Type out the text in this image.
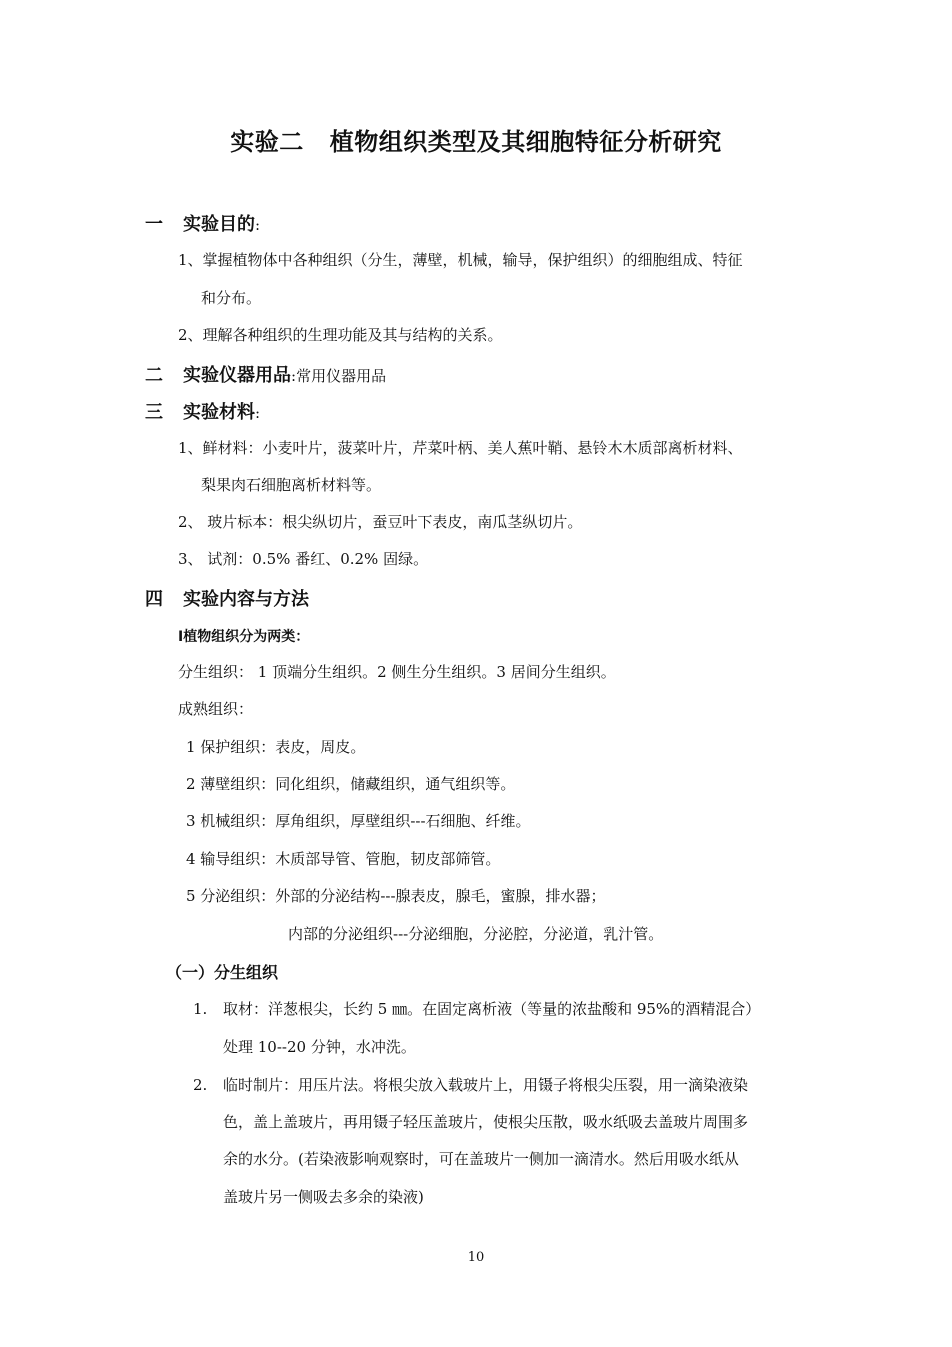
实验二 植物组织类型及其细胞特征分析研究
一 实验目的:
1、掌握植物体中各种组织（分生，薄壁，机械，输导，保护组织）的细胞组成、特征
和分布。
2、理解各种组织的生理功能及其与结构的关系。
二 实验仪器用品:常用仪器用品
三 实验材料:
1、鲜材料：小麦叶片，菠菜叶片，芹菜叶柄、美人蕉叶鞘、悬铃木木质部离析材料、
梨果肉石细胞离析材料等。
2、 玻片标本：根尖纵切片，蚕豆叶下表皮，南瓜茎纵切片。
3、 试剂：0.5% 番红、0.2% 固绿。
四 实验内容与方法
Ⅰ植物组织分为两类：
分生组织： 1 顶端分生组织。2 侧生分生组织。3 居间分生组织。
成熟组织：
1 保护组织：表皮，周皮。
2 薄壁组织：同化组织，储藏组织，通气组织等。
3 机械组织：厚角组织，厚壁组织---石细胞、纤维。
4 输导组织：木质部导管、管胞，韧皮部筛管。
5 分泌组织：外部的分泌结构---腺表皮，腺毛，蜜腺，排水器；
内部的分泌组织---分泌细胞，分泌腔，分泌道，乳汁管。
（一）分生组织
1. 取材：洋葱根尖，长约 5 ㎜。在固定离析液（等量的浓盐酸和 95%的酒精混合）
处理 10--20 分钟，水冲洗。
2. 临时制片：用压片法。将根尖放入载玻片上，用镊子将根尖压裂，用一滴染液染
色，盖上盖玻片，再用镊子轻压盖玻片，使根尖压散，吸水纸吸去盖玻片周围多
余的水分。(若染液影响观察时，可在盖玻片一侧加一滴清水。然后用吸水纸从
盖玻片另一侧吸去多余的染液)
10
